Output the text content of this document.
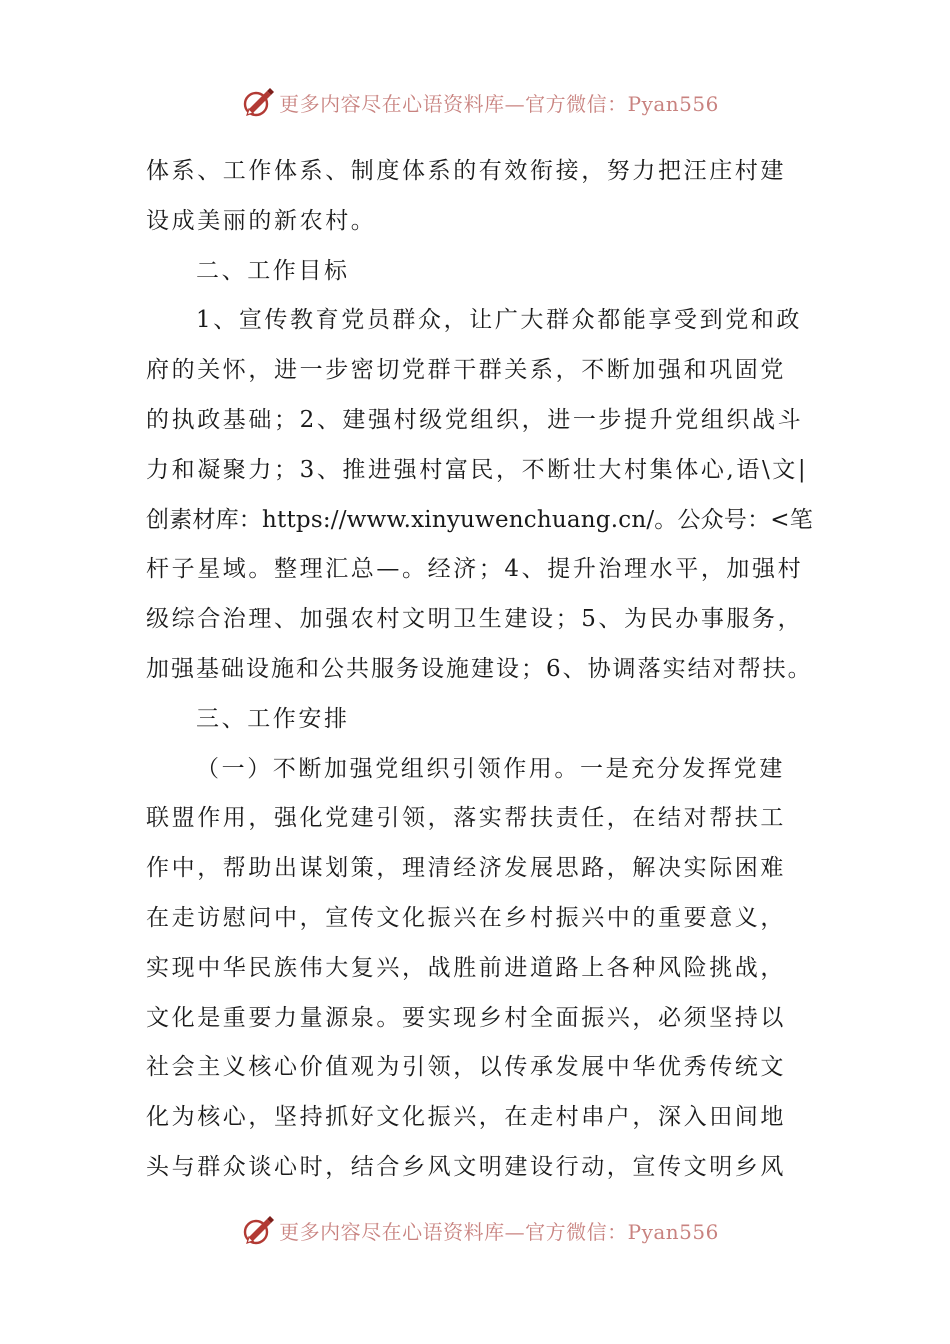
更多内容尽在心语资料库—官方微信：Pyan556
体系、工作体系、制度体系的有效衔接，努力把汪庄村建
设成美丽的新农村。
二、工作目标
1、宣传教育党员群众，让广大群众都能享受到党和政
府的关怀，进一步密切党群干群关系，不断加强和巩固党
的执政基础；2、建强村级党组织，进一步提升党组织战斗
力和凝聚力；3、推进强村富民，不断壮大村集体心,语\文|
创素材库：https://www.xinyuwenchuang.cn/。公众号：<笔
杆子星域。整理汇总—。经济；4、提升治理水平，加强村
级综合治理、加强农村文明卫生建设；5、为民办事服务，
加强基础设施和公共服务设施建设；6、协调落实结对帮扶。
三、工作安排
（一）不断加强党组织引领作用。一是充分发挥党建
联盟作用，强化党建引领，落实帮扶责任，在结对帮扶工
作中，帮助出谋划策，理清经济发展思路，解决实际困难
在走访慰问中，宣传文化振兴在乡村振兴中的重要意义，
实现中华民族伟大复兴，战胜前进道路上各种风险挑战，
文化是重要力量源泉。要实现乡村全面振兴，必须坚持以
社会主义核心价值观为引领，以传承发展中华优秀传统文
化为核心，坚持抓好文化振兴，在走村串户，深入田间地
头与群众谈心时，结合乡风文明建设行动，宣传文明乡风
更多内容尽在心语资料库—官方微信：Pyan556
